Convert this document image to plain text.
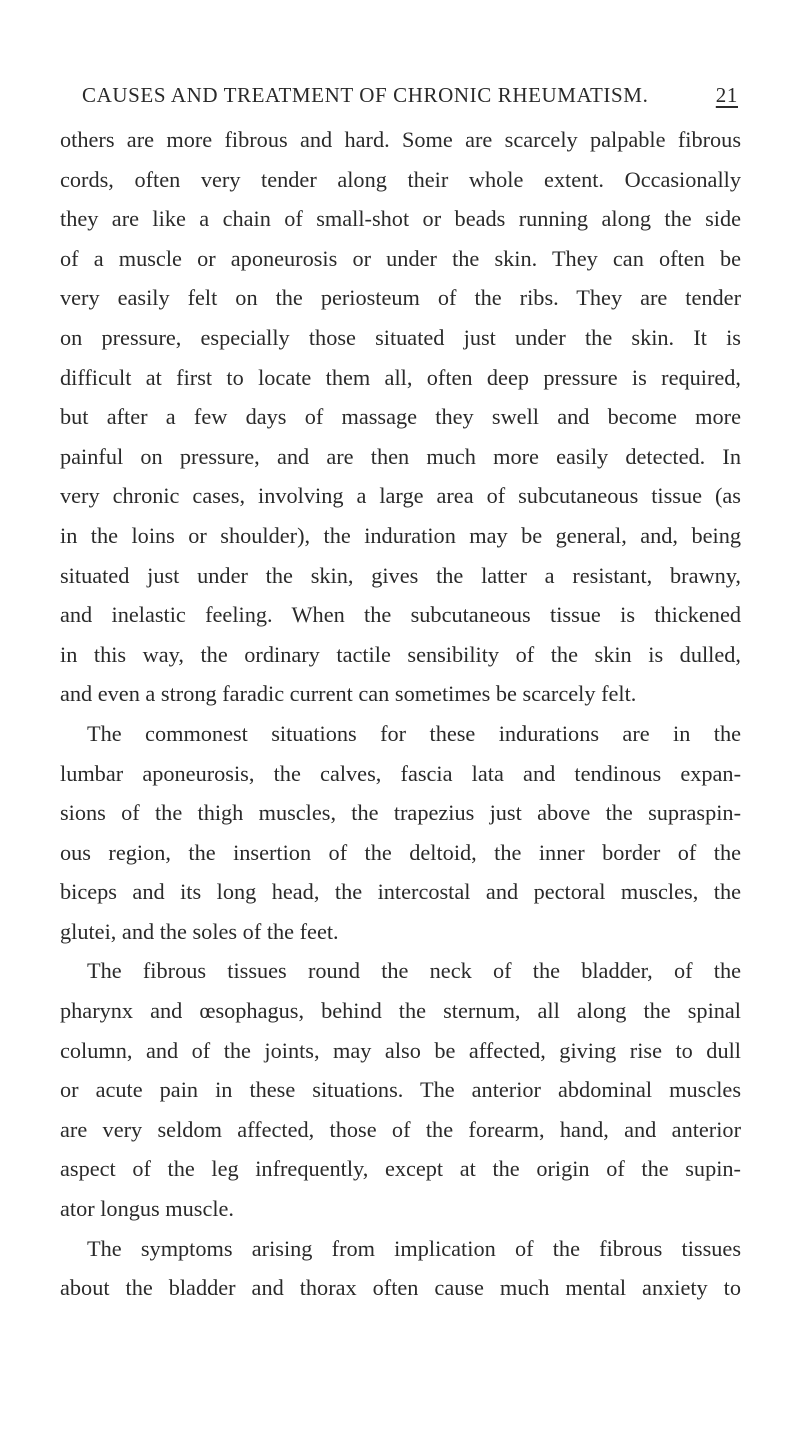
CAUSES AND TREATMENT OF CHRONIC RHEUMATISM.	21
others are more fibrous and hard. Some are scarcely palpable fibrous
cords, often very tender along their whole extent. Occasionally
they are like a chain of small-shot or beads running along the side
of a muscle or aponeurosis or under the skin. They can often be
very easily felt on the periosteum of the ribs. They are tender
on pressure, especially those situated just under the skin. It is
difficult at first to locate them all, often deep pressure is required,
but after a few days of massage they swell and become more
painful on pressure, and are then much more easily detected. In
very chronic cases, involving a large area of subcutaneous tissue (as
in the loins or shoulder), the induration may be general, and, being
situated just under the skin, gives the latter a resistant, brawny,
and inelastic feeling. When the subcutaneous tissue is thickened
in this way, the ordinary tactile sensibility of the skin is dulled,
and even a strong faradic current can sometimes be scarcely felt.
The commonest situations for these indurations are in the
lumbar aponeurosis, the calves, fascia lata and tendinous expan-
sions of the thigh muscles, the trapezius just above the supraspin-
ous region, the insertion of the deltoid, the inner border of the
biceps and its long head, the intercostal and pectoral muscles, the
glutei, and the soles of the feet.
The fibrous tissues round the neck of the bladder, of the
pharynx and œsophagus, behind the sternum, all along the spinal
column, and of the joints, may also be affected, giving rise to dull
or acute pain in these situations. The anterior abdominal muscles
are very seldom affected, those of the forearm, hand, and anterior
aspect of the leg infrequently, except at the origin of the supin-
ator longus muscle.
The symptoms arising from implication of the fibrous tissues
about the bladder and thorax often cause much mental anxiety to
